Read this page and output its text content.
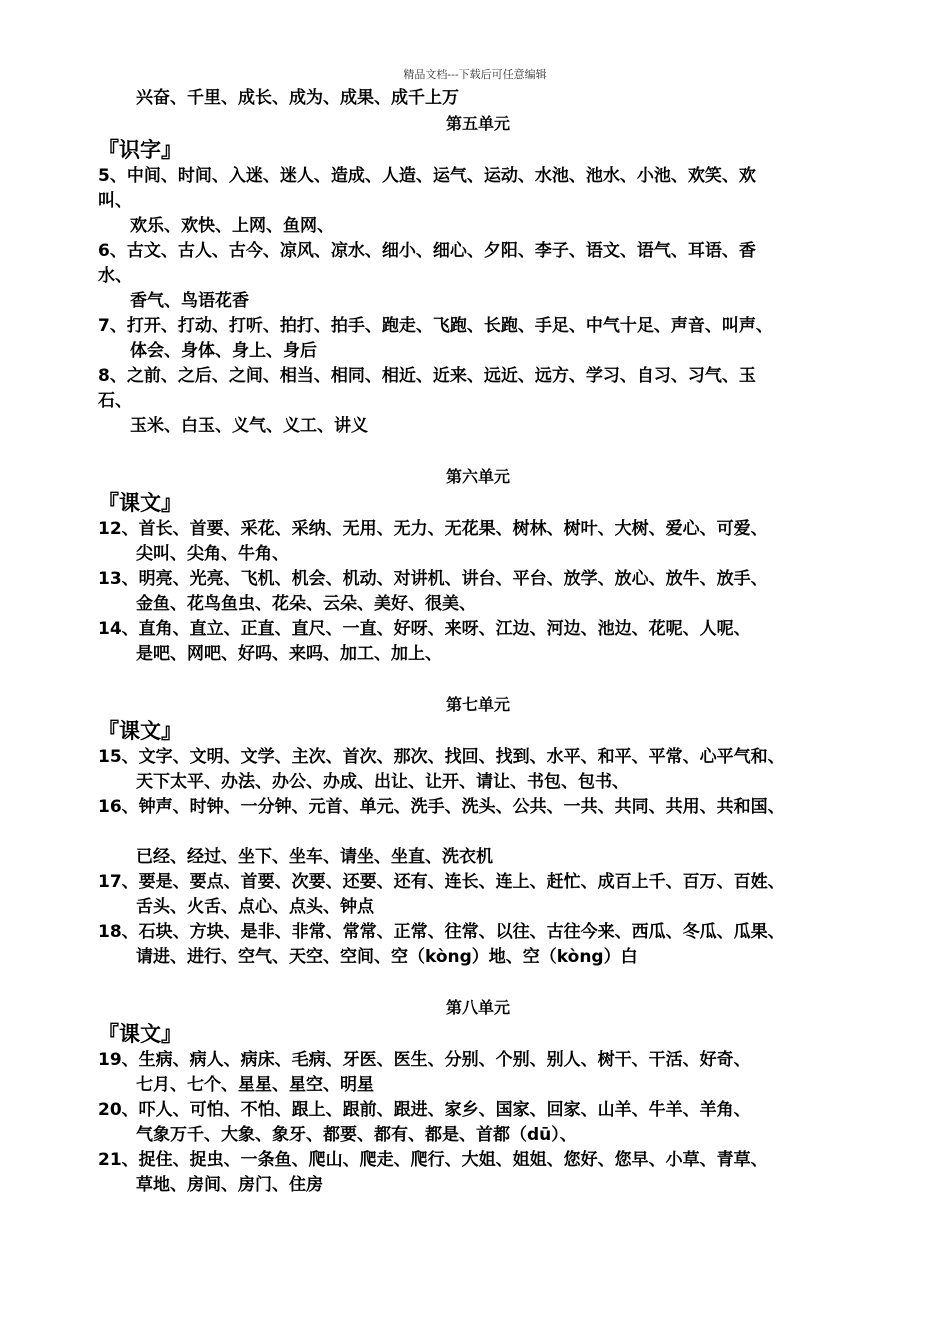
精品文档---下载后可任意编辑
兴奋、千里、成长、成为、成果、成千上万
第五单元
『识字』
5、中间、时间、入迷、迷人、造成、人造、运气、运动、水池、池水、小池、欢笑、欢
叫、
欢乐、欢快、上网、鱼网、
6、古文、古人、古今、凉风、凉水、细小、细心、夕阳、李子、语文、语气、耳语、香
水、
香气、鸟语花香
7、打开、打动、打听、拍打、拍手、跑走、飞跑、长跑、手足、中气十足、声音、叫声、
体会、身体、身上、身后
8、之前、之后、之间、相当、相同、相近、近来、远近、远方、学习、自习、习气、玉
石、
玉米、白玉、义气、义工、讲义
第六单元
『课文』
12、首长、首要、采花、采纳、无用、无力、无花果、树林、树叶、大树、爱心、可爱、
尖叫、尖角、牛角、
13、明亮、光亮、飞机、机会、机动、对讲机、讲台、平台、放学、放心、放牛、放手、
金鱼、花鸟鱼虫、花朵、云朵、美好、很美、
14、直角、直立、正直、直尺、一直、好呀、来呀、江边、河边、池边、花呢、人呢、
是吧、网吧、好吗、来吗、加工、加上、
第七单元
『课文』
15、文字、文明、文学、主次、首次、那次、找回、找到、水平、和平、平常、心平气和、
天下太平、办法、办公、办成、出让、让开、请让、书包、包书、
16、钟声、时钟、一分钟、元首、单元、洗手、洗头、公共、一共、共同、共用、共和国、
已经、经过、坐下、坐车、请坐、坐直、洗衣机
17、要是、要点、首要、次要、还要、还有、连长、连上、赶忙、成百上千、百万、百姓、
舌头、火舌、点心、点头、钟点
18、石块、方块、是非、非常、常常、正常、往常、以往、古往今来、西瓜、冬瓜、瓜果、
请进、进行、空气、天空、空间、空（kòng）地、空（kòng）白
第八单元
『课文』
19、生病、病人、病床、毛病、牙医、医生、分别、个别、别人、树干、干活、好奇、
七月、七个、星星、星空、明星
20、吓人、可怕、不怕、跟上、跟前、跟进、家乡、国家、回家、山羊、牛羊、羊角、
气象万千、大象、象牙、都要、都有、都是、首都（dū）、
21、捉住、捉虫、一条鱼、爬山、爬走、爬行、大姐、姐姐、您好、您早、小草、青草、
草地、房间、房门、住房
